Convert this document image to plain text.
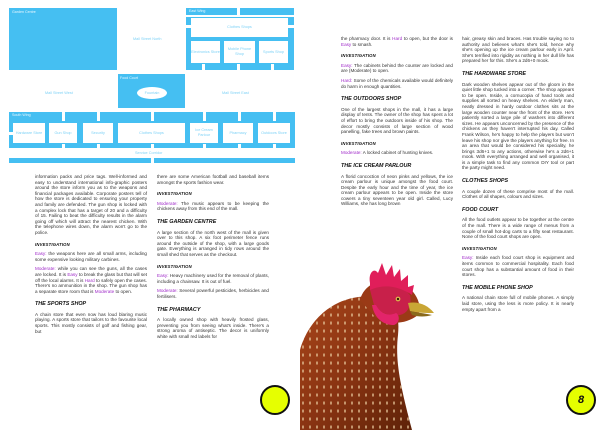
Garden Centre
Mall Street North
East Wing
Clothes Shops
Electronics Store
Mobile Phone Shop
Sports Shop
Food Court
Fountain
Mall Street West	Mall Street East
South Wing
Hardware Store	Gun Shop	Security	Clothes Shops
Ice Cream Parlour
Pharmacy	Outdoors Store
Service Corridor

information packs and price tags. Well-informed and easy to understand international info-graphic posters around the store inform you as to the weapons and financial packages available. Corporate posters tell of how the store is dedicated to ensuring your property and family are defended. The gun shop is locked with a complex lock that has a target of 20 and a difficulty of 15. Failing to beat the difficulty results in the alarm going off which will attract the nearest chicken. With the telephone wires down, the alarm won't go to the police.

INVESTIGATION

Easy: the weapons here are all small arms, including some expensive looking military carbines.

Moderate: while you can see the guns, all the cases are locked. It is Easy to break the glass but that will set off the local alarms. It is Hard to safely open the cases. There's no ammunition in the shop. The gun shop has a separate store room that is Moderate to open.

THE SPORTS SHOP

A chain store that even now has loud blaring music playing. A sports store that tailors to the favourite local sports. This mostly consists of golf and fishing gear, but

there are some American football and baseball items amongst the sports fashion wear.

INVESTIGATION

Moderate: The music appears to be keeping the chickens away from this end of the mall.

THE GARDEN CENTRE

A large section of the north west of the mall is given over to this shop. A six foot perimeter fence runs around the outside of the shop, with a large goods gate. Everything is arranged in tidy rows around the small shed that serves as the checkout.

INVESTIGATION

Easy: Heavy machinery used for the removal of plants, including a chainsaw. It is out of fuel.

Moderate: Several powerful pesticides, herbicides and fertilisers.

THE PHARMACY

A locally owned shop with heavily frosted glass, preventing you from seeing what's inside. There's a strong aroma of antiseptic. The decor is uniformly white with small red labels for

the pharmacy door. It is Hard to open, but the door is Easy to smash.

INVESTIGATION

Easy: The cabinets behind the counter are locked and are (Moderate) to open.

Hard: Some of the chemicals available would definitely do harm in enough quantities.

THE OUTDOORS SHOP

One of the largest shops in the mall, it has a large display of tents. The owner of the shop has spent a lot of effort to bring the outdoors inside of his shop. The decor mostly consists of large section of wood panelling, fake trees and brown paints.

INVESTIGATION

Moderate: A locked cabinet of hunting knives.

THE ICE CREAM PARLOUR

A florid concoction of neon pinks and yellows, the ice cream parlour is unique amongst the food court. Despite the early hour and the time of year, the ice cream parlour appears to be open. Inside the store cowers a tiny seventeen year old girl. Called, Lucy Williams, she has long brown

hair, greasy skin and braces. Has trouble saying no to authority and believes what's she's told, hence why she's opening up the ice cream parlour early in April. She's terrified into rigidity as nothing in her dull life has prepared her for this. She's a 2d6+0 mook.

THE HARDWARE STORE

Dark wooden shelves appear out of the gloom in the quiet little shop tucked into a corner. The shop appears to be open. Inside, a cornucopia of hand tools and supplies all sorted on heavy shelves. An elderly man, neatly dressed in hardy outdoor clothes sits at the large wooden counter near the front of the store. He's patiently sorted a large pile of washers into different sizes. He appears unconcerned by the presence of the chickens as they haven't interrupted his day. Called Frank Wilson, he's happy to help the players but won't leave his shop nor give the players anything for free. In an area that would be considered his speciality, he brings 3d6+1 to any actions, otherwise he's a 2d6+1 mook. With everything arranged and well organised, it is a simple task to find any common DIY tool or part the party might need.

CLOTHES SHOPS

A couple dozen of these comprise most of the mall. Clothes of all shapes, colours and sizes.

FOOD COURT

All the food outlets appear to be together at the centre of the mall. There is a wide range of menus from a couple of small hot-dog carts to a fifty seat restaurant. None of the food court shops are open.

INVESTIGATION

Easy: Inside each food court shop is equipment and items common to commercial hospitality. Each food court shop has a substantial amount of food in their stores.

THE MOBILE PHONE SHOP

A national chain store full of mobile phones. A simply laid store, using the less is more policy. It is nearly empty apart from a

8
